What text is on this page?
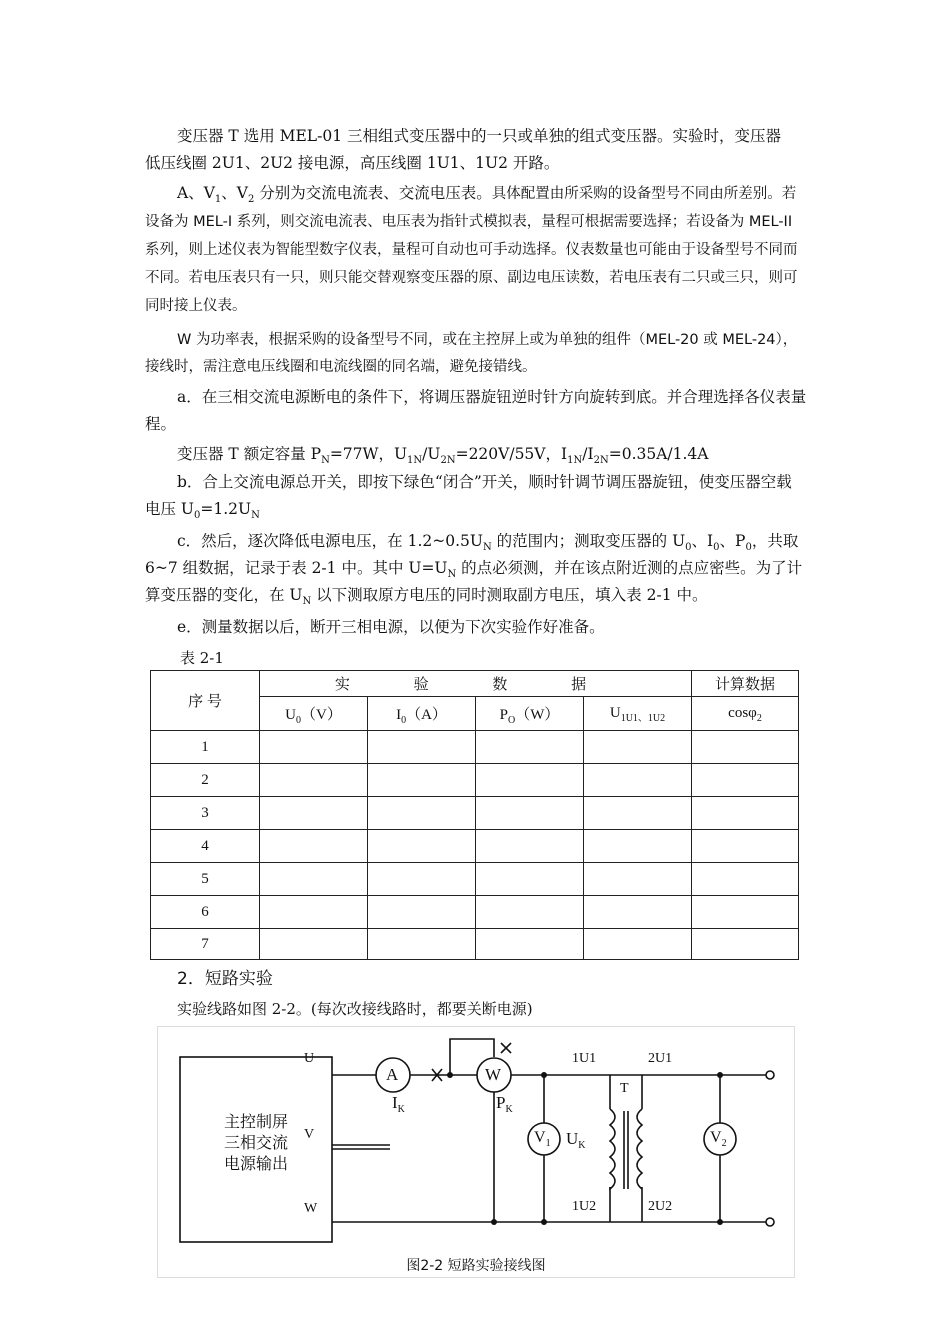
变压器 T 选用 MEL-01 三相组式变压器中的一只或单独的组式变压器。实验时，变压器
低压线圈 2U1、2U2 接电源，高压线圈 1U1、1U2 开路。
A、$V_1$、$V_2$ 分别为交流电流表、交流电压表。具体配置由所采购的设备型号不同由所差别。若设备为 MEL-I 系列，则交流电流表、电压表为指针式模拟表，量程可根据需要选择；若设备为 MEL-II 系列，则上述仪表为智能型数字仪表，量程可自动也可手动选择。仪表数量也可能由于设备型号不同而不同。若电压表只有一只，则只能交替观察变压器的原、副边电压读数，若电压表有二只或三只，则可同时接上仪表。
W 为功率表，根据采购的设备型号不同，或在主控屏上或为单独的组件（MEL-20 或 MEL-24），接线时，需注意电压线圈和电流线圈的同名端，避免接错线。
a．在三相交流电源断电的条件下，将调压器旋钮逆时针方向旋转到底。并合理选择各仪表量程。
变压器 T 额定容量 $P_N=77W$，$U_{1N}/U_{2N}=220V/55V$，$I_{1N}/I_{2N}=0.35A/1.4A$
b．合上交流电源总开关，即按下绿色“闭合”开关，顺时针调节调压器旋钮，使变压器空载电压 $U_0=1.2U_N$
c．然后，逐次降低电源电压，在 $1.2\sim 0.5U_N$ 的范围内；测取变压器的 $U_0$、$I_0$、$P_0$，共取 6~7 组数据，记录于表 2-1 中。其中 $U=U_N$ 的点必须测，并在该点附近测的点应密些。为了计算变压器的变化，在 $U_N$ 以下测取原方电压的同时测取副方电压，填入表 2-1 中。
e．测量数据以后，断开三相电源，以便为下次实验作好准备。
表 2-1
序 号	实 验 数 据				计算数据
	$U_0(V)$	$I_0(A)$	$P_O(W)$	$U_{1U1、1U2}$	cosφ$_2$
1					
2					
3					
4					
5					
6					
7					
2．短路实验
实验线路如图 2-2。(每次改接线路时，都要关断电源)
主控制屏
三相交流
电源输出
U
V
W
A	W
$V_1$	$V_2$
$I_K$	$P_K$
$U_K$
T
1U1
1U2
2U1
2U2
图2-2 短路实验接线图
